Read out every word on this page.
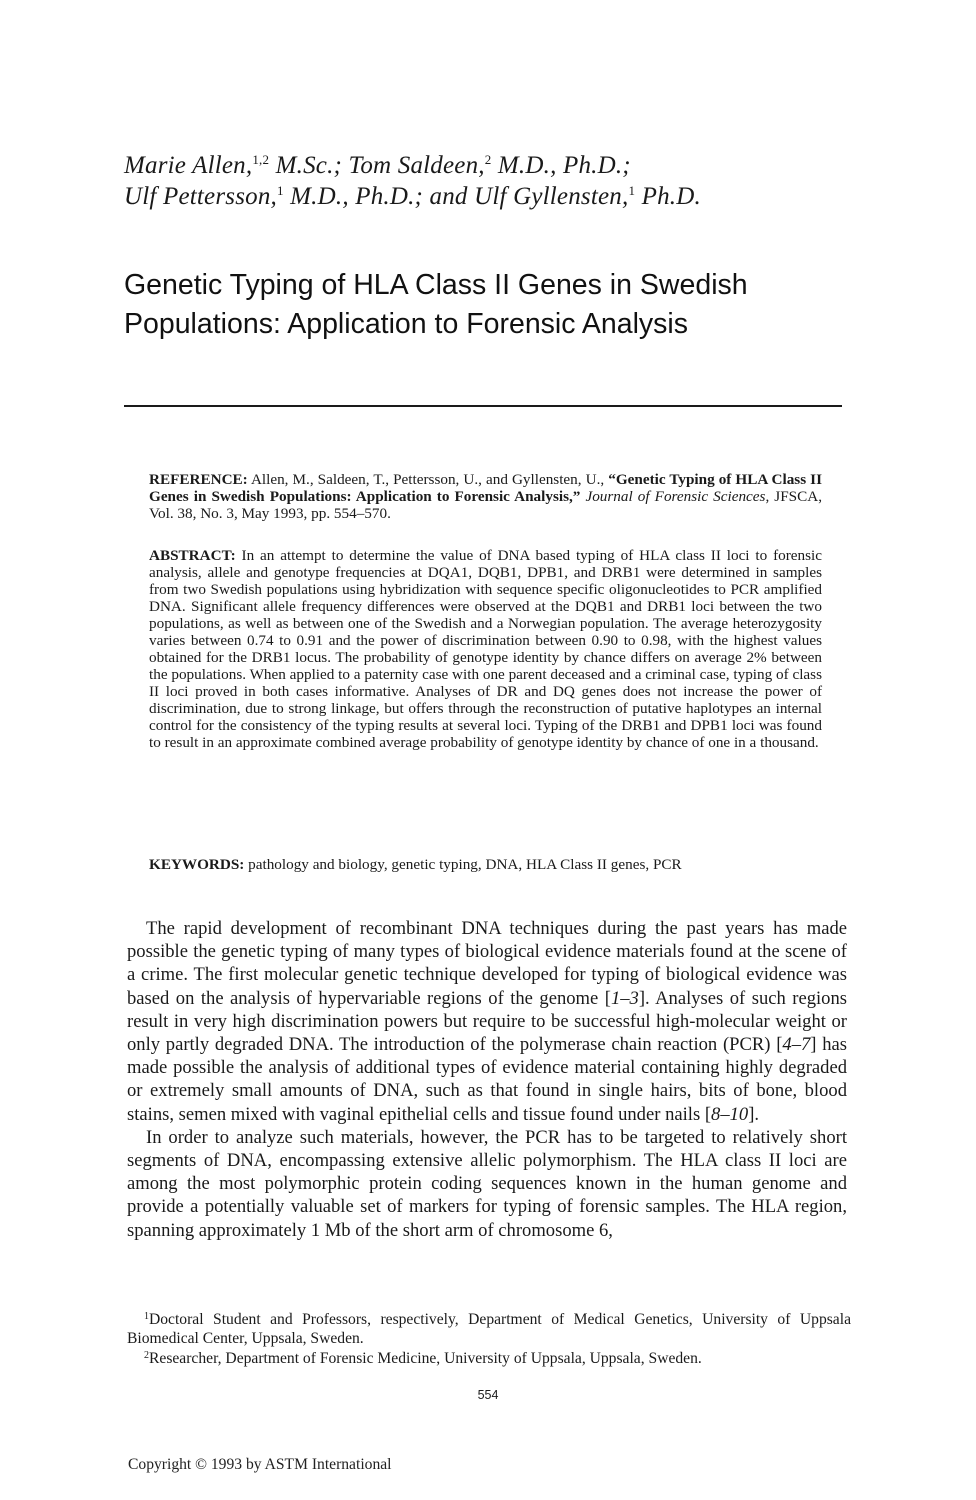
Marie Allen,$^{1,2}$ M.Sc.; Tom Saldeen,$^2$ M.D., Ph.D.;
Ulf Pettersson,$^1$ M.D., Ph.D.; and Ulf Gyllensten,$^1$ Ph.D.
Genetic Typing of HLA Class II Genes in Swedish
Populations: Application to Forensic Analysis
REFERENCE: Allen, M., Saldeen, T., Pettersson, U., and Gyllensten, U., “Genetic Typing of HLA Class II Genes in Swedish Populations: Application to Forensic Analysis,” Journal of Forensic Sciences, JFSCA, Vol. 38, No. 3, May 1993, pp. 554–570.
ABSTRACT: In an attempt to determine the value of DNA based typing of HLA class II loci to forensic analysis, allele and genotype frequencies at DQA1, DQB1, DPB1, and DRB1 were determined in samples from two Swedish populations using hybridization with sequence specific oligonucleotides to PCR amplified DNA. Significant allele frequency differences were observed at the DQB1 and DRB1 loci between the two populations, as well as between one of the Swedish and a Norwegian population. The average heterozygosity varies between 0.74 to 0.91 and the power of discrimination between 0.90 to 0.98, with the highest values obtained for the DRB1 locus. The probability of genotype identity by chance differs on average 2% between the populations. When applied to a paternity case with one parent deceased and a criminal case, typing of class II loci proved in both cases informative. Analyses of DR and DQ genes does not increase the power of discrimination, due to strong linkage, but offers through the reconstruction of putative haplotypes an internal control for the consistency of the typing results at several loci. Typing of the DRB1 and DPB1 loci was found to result in an approximate combined average probability of genotype identity by chance of one in a thousand.
KEYWORDS: pathology and biology, genetic typing, DNA, HLA Class II genes, PCR

The rapid development of recombinant DNA techniques during the past years has made possible the genetic typing of many types of biological evidence materials found at the scene of a crime. The first molecular genetic technique developed for typing of biological evidence was based on the analysis of hypervariable regions of the genome [1–3]. Analyses of such regions result in very high discrimination powers but require to be successful high-molecular weight or only partly degraded DNA. The introduction of the polymerase chain reaction (PCR) [4–7] has made possible the analysis of additional types of evidence material containing highly degraded or extremely small amounts of DNA, such as that found in single hairs, bits of bone, blood stains, semen mixed with vaginal epithelial cells and tissue found under nails [8–10].

In order to analyze such materials, however, the PCR has to be targeted to relatively short segments of DNA, encompassing extensive allelic polymorphism. The HLA class II loci are among the most polymorphic protein coding sequences known in the human genome and provide a potentially valuable set of markers for typing of forensic samples. The HLA region, spanning approximately 1 Mb of the short arm of chromosome 6,

$^1$Doctoral Student and Professors, respectively, Department of Medical Genetics, University of Uppsala Biomedical Center, Uppsala, Sweden.

$^2$Researcher, Department of Forensic Medicine, University of Uppsala, Uppsala, Sweden.

554
Copyright © 1993 by ASTM International
